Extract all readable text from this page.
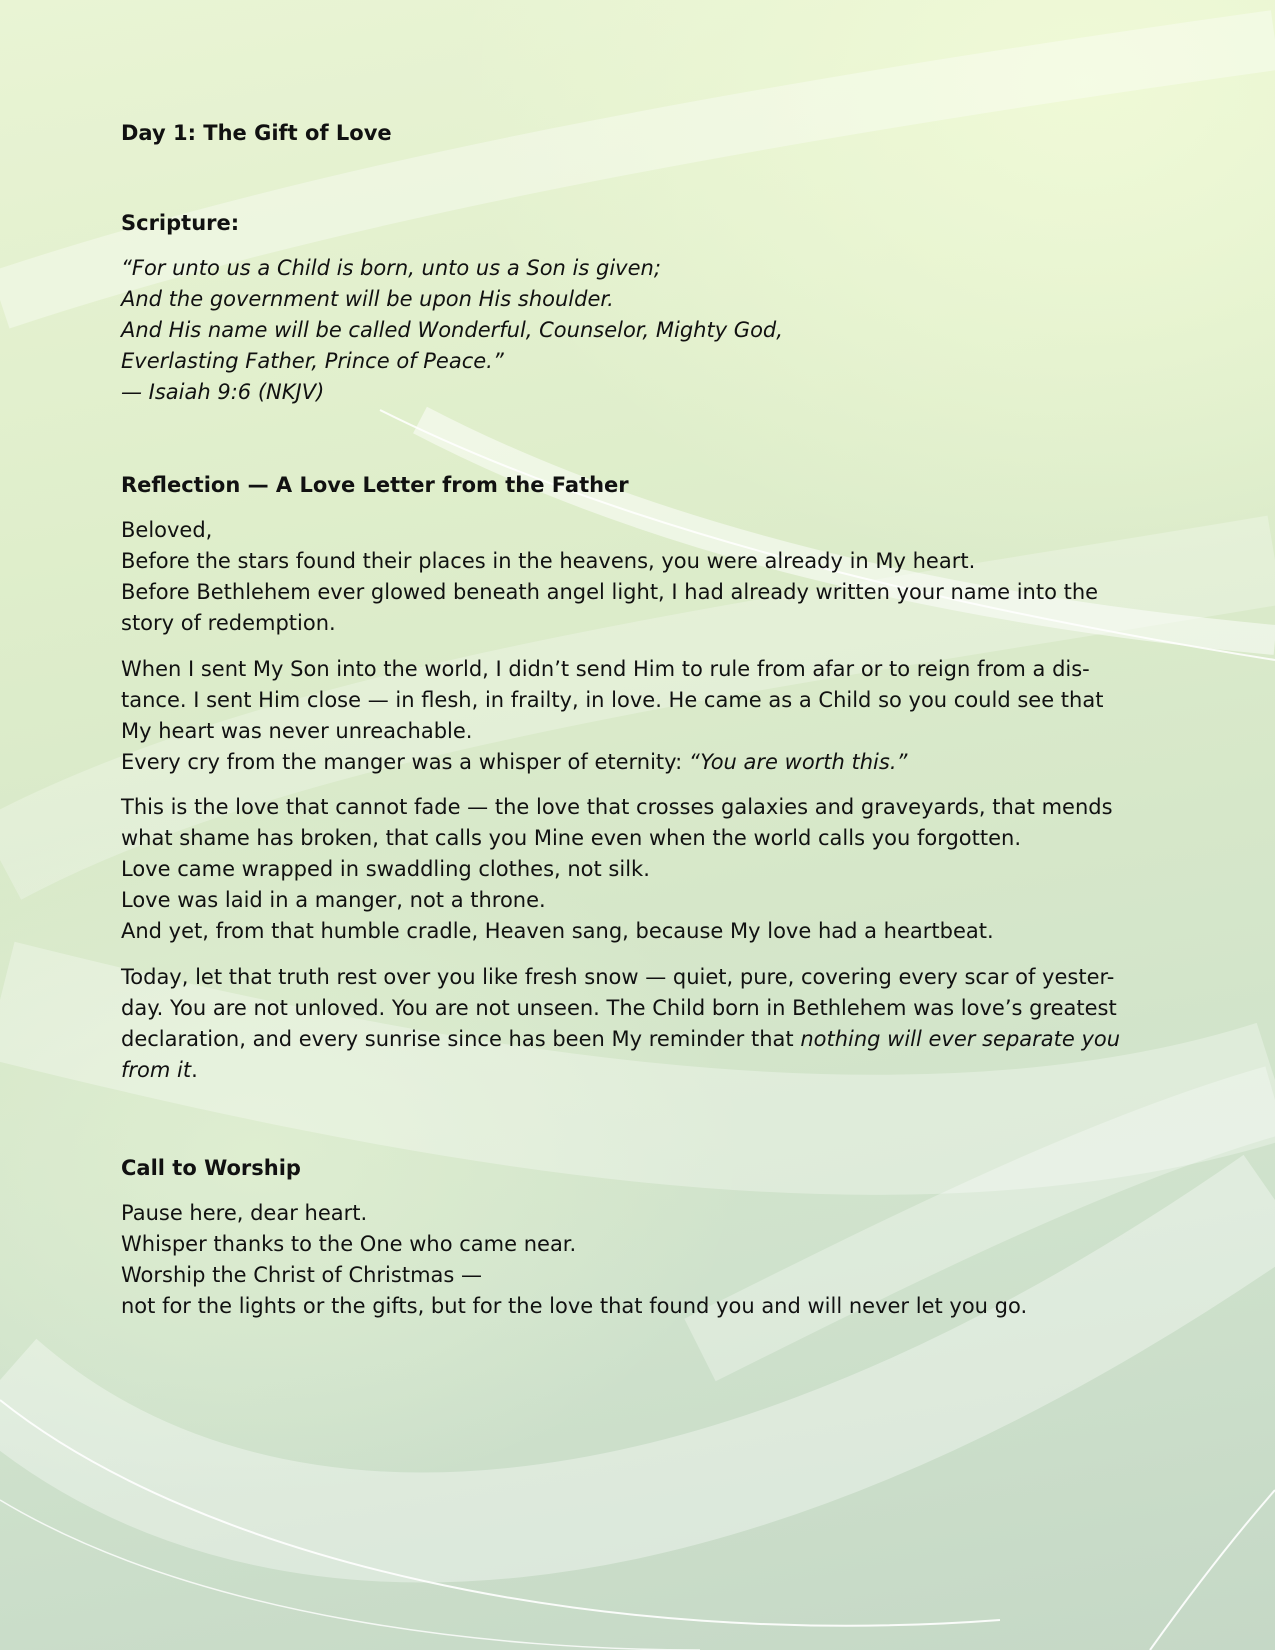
Day 1: The Gift of Love
Scripture:
“For unto us a Child is born, unto us a Son is given;
And the government will be upon His shoulder.
And His name will be called Wonderful, Counselor, Mighty God,
Everlasting Father, Prince of Peace.”
— Isaiah 9:6 (NKJV)
Reflection — A Love Letter from the Father
Beloved,
Before the stars found their places in the heavens, you were already in My heart.
Before Bethlehem ever glowed beneath angel light, I had already written your name into the
story of redemption.
When I sent My Son into the world, I didn’t send Him to rule from afar or to reign from a dis-
tance. I sent Him close — in flesh, in frailty, in love. He came as a Child so you could see that
My heart was never unreachable.
Every cry from the manger was a whisper of eternity: “You are worth this.”
This is the love that cannot fade — the love that crosses galaxies and graveyards, that mends
what shame has broken, that calls you Mine even when the world calls you forgotten.
Love came wrapped in swaddling clothes, not silk.
Love was laid in a manger, not a throne.
And yet, from that humble cradle, Heaven sang, because My love had a heartbeat.
Today, let that truth rest over you like fresh snow — quiet, pure, covering every scar of yester-
day. You are not unloved. You are not unseen. The Child born in Bethlehem was love’s greatest
declaration, and every sunrise since has been My reminder that nothing will ever separate you
from it.
Call to Worship
Pause here, dear heart.
Whisper thanks to the One who came near.
Worship the Christ of Christmas —
not for the lights or the gifts, but for the love that found you and will never let you go.
